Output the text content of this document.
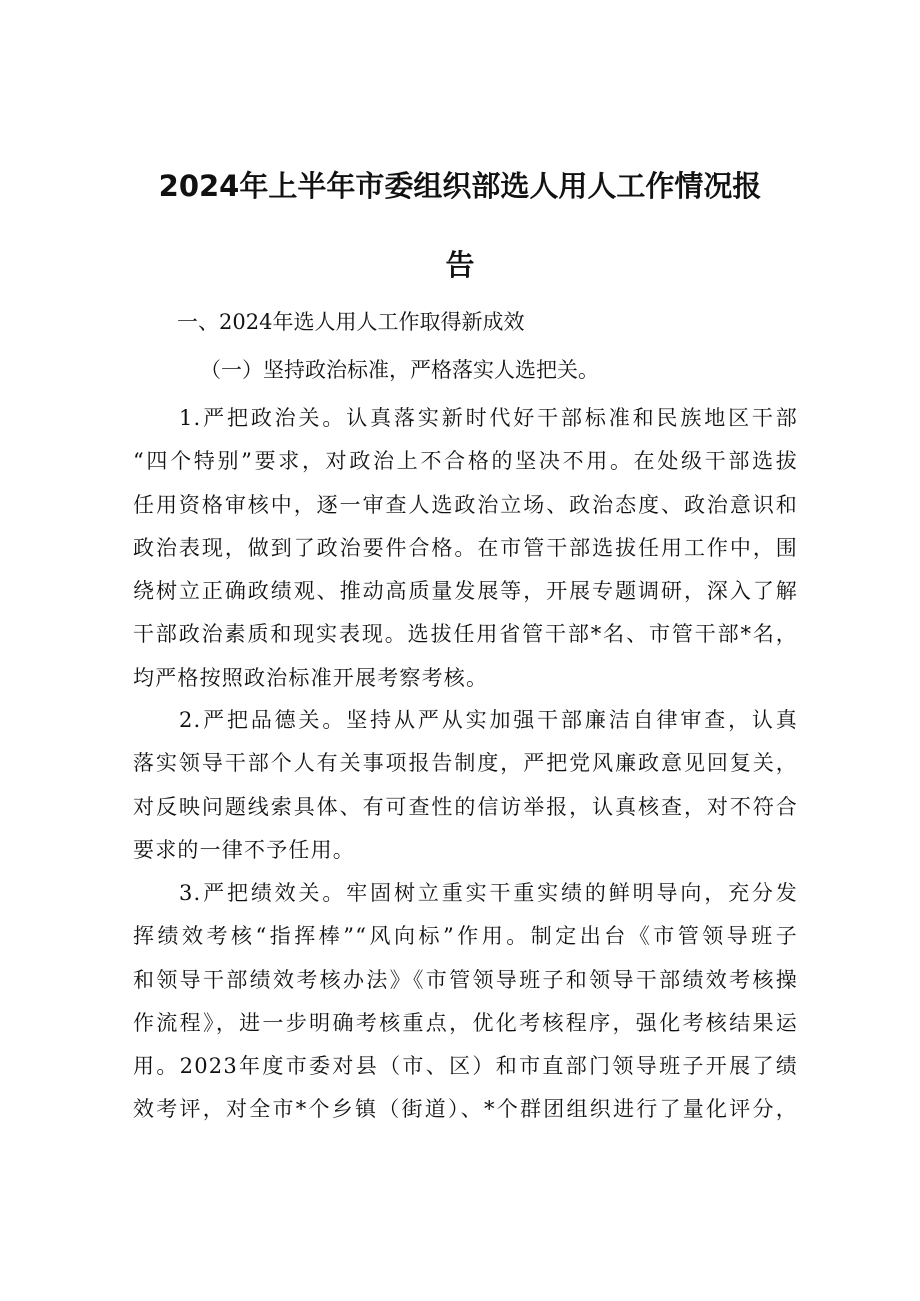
2024年上半年市委组织部选人用人工作情况报
告

一、2024年选人用人工作取得新成效

（一）坚持政治标准，严格落实人选把关。

1.严把政治关。认真落实新时代好干部标准和民族地区干部
“四个特别”要求，对政治上不合格的坚决不用。在处级干部选拔
任用资格审核中，逐一审查人选政治立场、政治态度、政治意识和
政治表现，做到了政治要件合格。在市管干部选拔任用工作中，围
绕树立正确政绩观、推动高质量发展等，开展专题调研，深入了解
干部政治素质和现实表现。选拔任用省管干部*名、市管干部*名，
均严格按照政治标准开展考察考核。
2.严把品德关。坚持从严从实加强干部廉洁自律审查，认真
落实领导干部个人有关事项报告制度，严把党风廉政意见回复关，
对反映问题线索具体、有可查性的信访举报，认真核查，对不符合
要求的一律不予任用。
3.严把绩效关。牢固树立重实干重实绩的鲜明导向，充分发
挥绩效考核“指挥棒”“风向标”作用。制定出台《市管领导班子
和领导干部绩效考核办法》《市管领导班子和领导干部绩效考核操
作流程》，进一步明确考核重点，优化考核程序，强化考核结果运
用。2023年度市委对县（市、区）和市直部门领导班子开展了绩
效考评，对全市*个乡镇（街道）、*个群团组织进行了量化评分，
